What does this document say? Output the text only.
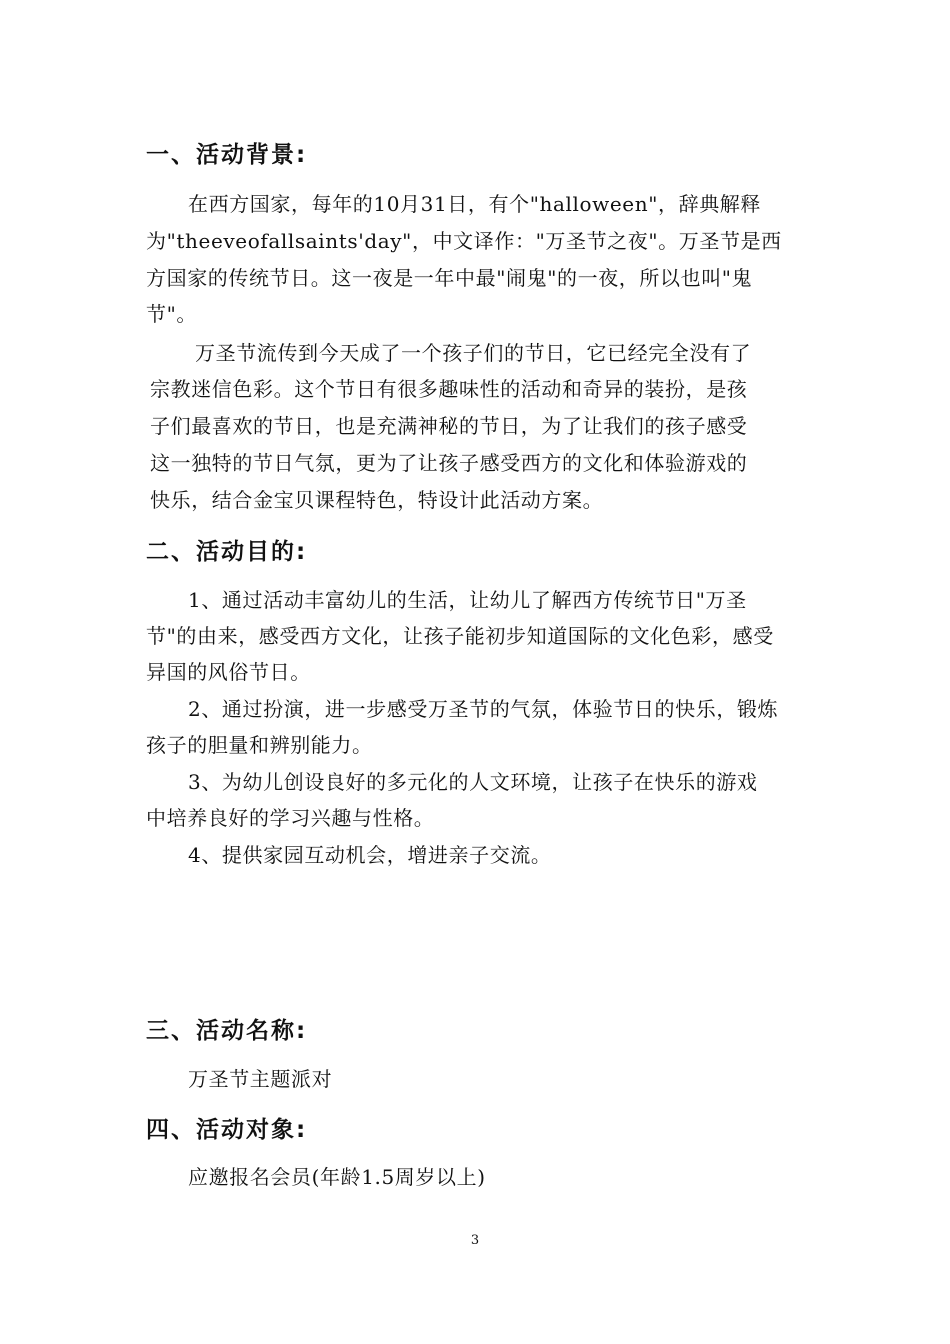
一、活动背景:
在西方国家，每年的10月31日，有个"halloween"，辞典解释
为"theeveofallsaints'day"，中文译作："万圣节之夜"。万圣节是西
方国家的传统节日。这一夜是一年中最"闹鬼"的一夜，所以也叫"鬼
节"。
万圣节流传到今天成了一个孩子们的节日，它已经完全没有了
宗教迷信色彩。这个节日有很多趣味性的活动和奇异的装扮，是孩
子们最喜欢的节日，也是充满神秘的节日，为了让我们的孩子感受
这一独特的节日气氛，更为了让孩子感受西方的文化和体验游戏的
快乐，结合金宝贝课程特色，特设计此活动方案。
二、活动目的:
1、通过活动丰富幼儿的生活，让幼儿了解西方传统节日"万圣
节"的由来，感受西方文化，让孩子能初步知道国际的文化色彩，感受
异国的风俗节日。
2、通过扮演，进一步感受万圣节的气氛，体验节日的快乐，锻炼
孩子的胆量和辨别能力。
3、为幼儿创设良好的多元化的人文环境，让孩子在快乐的游戏
中培养良好的学习兴趣与性格。
4、提供家园互动机会，增进亲子交流。
三、活动名称:
万圣节主题派对
四、活动对象:
应邀报名会员(年龄1.5周岁以上)
3
